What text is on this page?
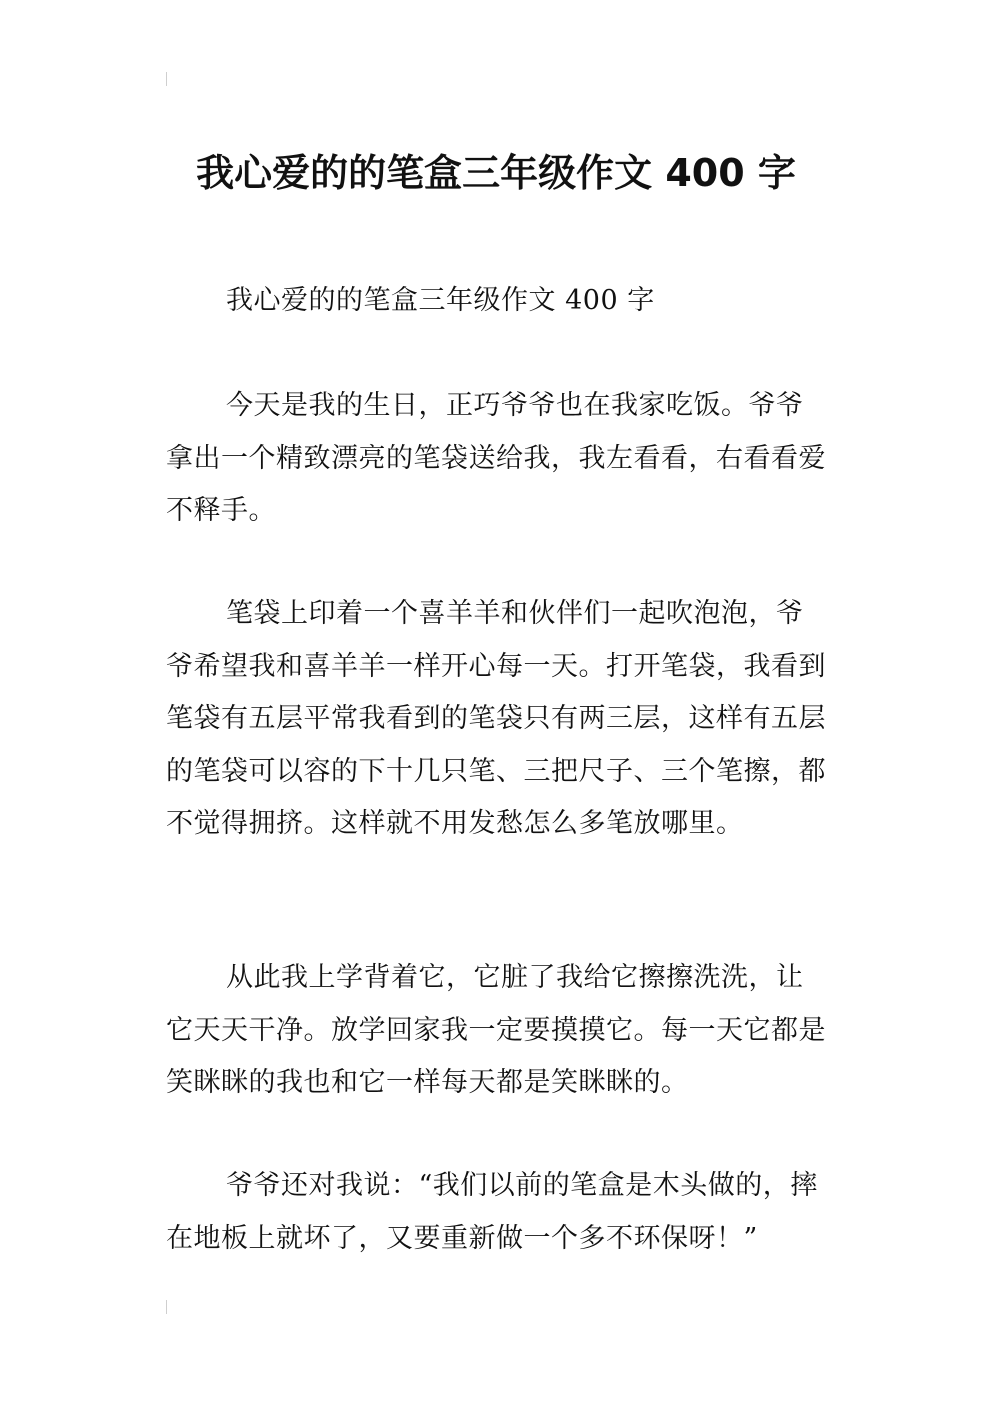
我心爱的的笔盒三年级作文 400 字

我心爱的的笔盒三年级作文 400 字

今天是我的生日，正巧爷爷也在我家吃饭。爷爷拿出一个精致漂亮的笔袋送给我，我左看看，右看看爱不释手。

笔袋上印着一个喜羊羊和伙伴们一起吹泡泡，爷爷希望我和喜羊羊一样开心每一天。打开笔袋，我看到笔袋有五层平常我看到的笔袋只有两三层，这样有五层的笔袋可以容的下十几只笔、三把尺子、三个笔擦，都不觉得拥挤。这样就不用发愁怎么多笔放哪里。

从此我上学背着它，它脏了我给它擦擦洗洗，让它天天干净。放学回家我一定要摸摸它。每一天它都是笑眯眯的我也和它一样每天都是笑眯眯的。

爷爷还对我说：“我们以前的笔盒是木头做的，摔在地板上就坏了，又要重新做一个多不环保呀！”
